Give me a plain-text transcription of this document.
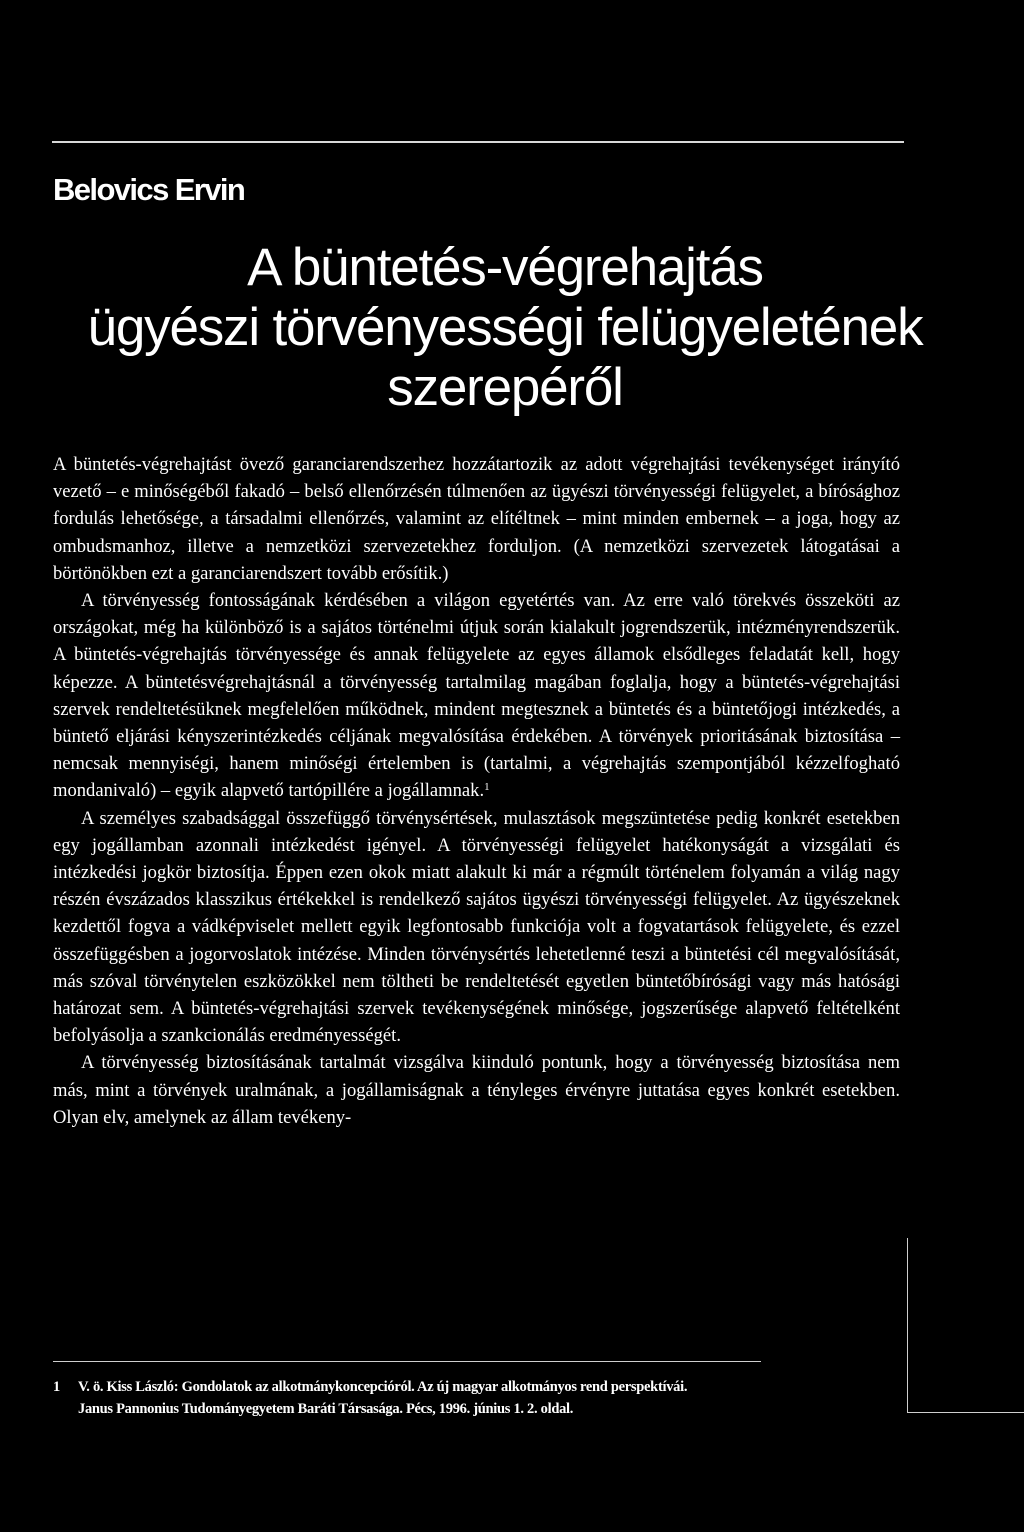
Belovics Ervin
A büntetés-végrehajtás
ügyészi törvényességi felügyeletének
szerepéről

A büntetés-végrehajtást övező garanciarendszerhez hozzátartozik az adott végrehajtási tevékenységet irányító vezető – e minőségéből fakadó – belső ellenőrzésén túlmenően az ügyészi törvényességi felügyelet, a bírósághoz fordulás lehetősége, a társadalmi ellenőrzés, valamint az elítéltnek – mint minden embernek – a joga, hogy az ombudsmanhoz, illetve a nemzetközi szervezetekhez forduljon. (A nemzetközi szervezetek látogatásai a börtönökben ezt a garanciarendszert tovább erősítik.)

A törvényesség fontosságának kérdésében a világon egyetértés van. Az erre való törekvés összeköti az országokat, még ha különböző is a sajátos történelmi útjuk során kialakult jogrendszerük, intézményrendszerük. A büntetés-végrehajtás törvényessége és annak felügyelete az egyes államok elsődleges feladatát kell, hogy képezze. A büntetésvégrehajtásnál a törvényesség tartalmilag magában foglalja, hogy a büntetés-végrehajtási szervek rendeltetésüknek megfelelően működnek, mindent megtesznek a büntetés és a büntetőjogi intézkedés, a büntető eljárási kényszerintézkedés céljának megvalósítása érdekében. A törvények prioritásának biztosítása – nemcsak mennyiségi, hanem minőségi értelemben is (tartalmi, a végrehajtás szempontjából kézzelfogható mondanivaló) – egyik alapvető tartópillére a jogállamnak.$^1$

A személyes szabadsággal összefüggő törvénysértések, mulasztások megszüntetése pedig konkrét esetekben egy jogállamban azonnali intézkedést igényel. A törvényességi felügyelet hatékonyságát a vizsgálati és intézkedési jogkör biztosítja. Éppen ezen okok miatt alakult ki már a régmúlt történelem folyamán a világ nagy részén évszázados klasszikus értékekkel is rendelkező sajátos ügyészi törvényességi felügyelet. Az ügyészeknek kezdettől fogva a vádképviselet mellett egyik legfontosabb funkciója volt a fogvatartások felügyelete, és ezzel összefüggésben a jogorvoslatok intézése. Minden törvénysértés lehetetlenné teszi a büntetési cél megvalósítását, más szóval törvénytelen eszközökkel nem töltheti be rendeltetését egyetlen büntetőbírósági vagy más hatósági határozat sem. A büntetés-végrehajtási szervek tevékenységének minősége, jogszerűsége alapvető feltételként befolyásolja a szankcionálás eredményességét.

A törvényesség biztosításának tartalmát vizsgálva kiinduló pontunk, hogy a törvényesség biztosítása nem más, mint a törvények uralmának, a jogállamiságnak a tényleges érvényre juttatása egyes konkrét esetekben. Olyan elv, amelynek az állam tevékeny-

1	V. ö. Kiss László: Gondolatok az alkotmánykoncepcióról. Az új magyar alkotmányos rend perspektívái.
Janus Pannonius Tudományegyetem Baráti Társasága. Pécs, 1996. június 1. 2. oldal.
